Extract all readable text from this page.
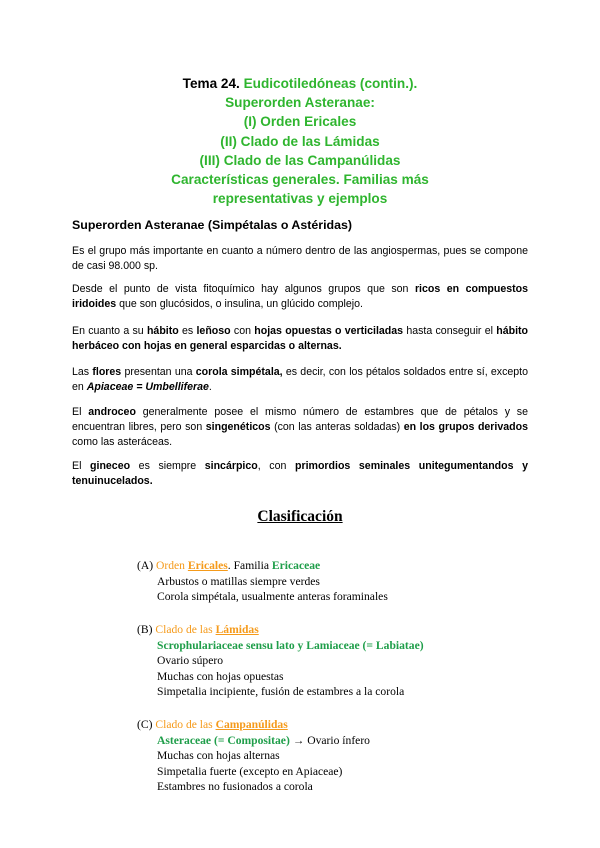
Tema 24. Eudicotiledóneas (contin.).
Superorden Asteranae:
(I) Orden Ericales
(II) Clado de las Lámidas
(III) Clado de las Campanúlidas
Características generales. Familias más
representativas y ejemplos
Superorden Asteranae (Simpétalas o Astéridas)
Es el grupo más importante en cuanto a número dentro de las angiospermas, pues se compone de casi 98.000 sp.
Desde el punto de vista fitoquímico hay algunos grupos que son ricos en compuestos iridoides que son glucósidos, o insulina, un glúcido complejo.
En cuanto a su hábito es leñoso con hojas opuestas o verticiladas hasta conseguir el hábito herbáceo con hojas en general esparcidas o alternas.
Las flores presentan una corola simpétala, es decir, con los pétalos soldados entre sí, excepto en Apiaceae = Umbelliferae.
El androceo generalmente posee el mismo número de estambres que de pétalos y se encuentran libres, pero son singenéticos (con las anteras soldadas) en los grupos derivados como las asteráceas.
El gineceo es siempre sincárpico, con primordios seminales unitegumentandos y tenuinucelados.
Clasificación
(A) Orden Ericales. Familia Ericaceae
Arbustos o matillas siempre verdes
Corola simpétala, usualmente anteras foraminales
(B) Clado de las Lámidas
Scrophulariaceae sensu lato y Lamiaceae (= Labiatae)
Ovario súpero
Muchas con hojas opuestas
Simpetalia incipiente, fusión de estambres a la corola
(C) Clado de las Campanúlidas
Asteraceae (= Compositae) → Ovario ínfero
Muchas con hojas alternas
Simpetalia fuerte (excepto en Apiaceae)
Estambres no fusionados a corola
